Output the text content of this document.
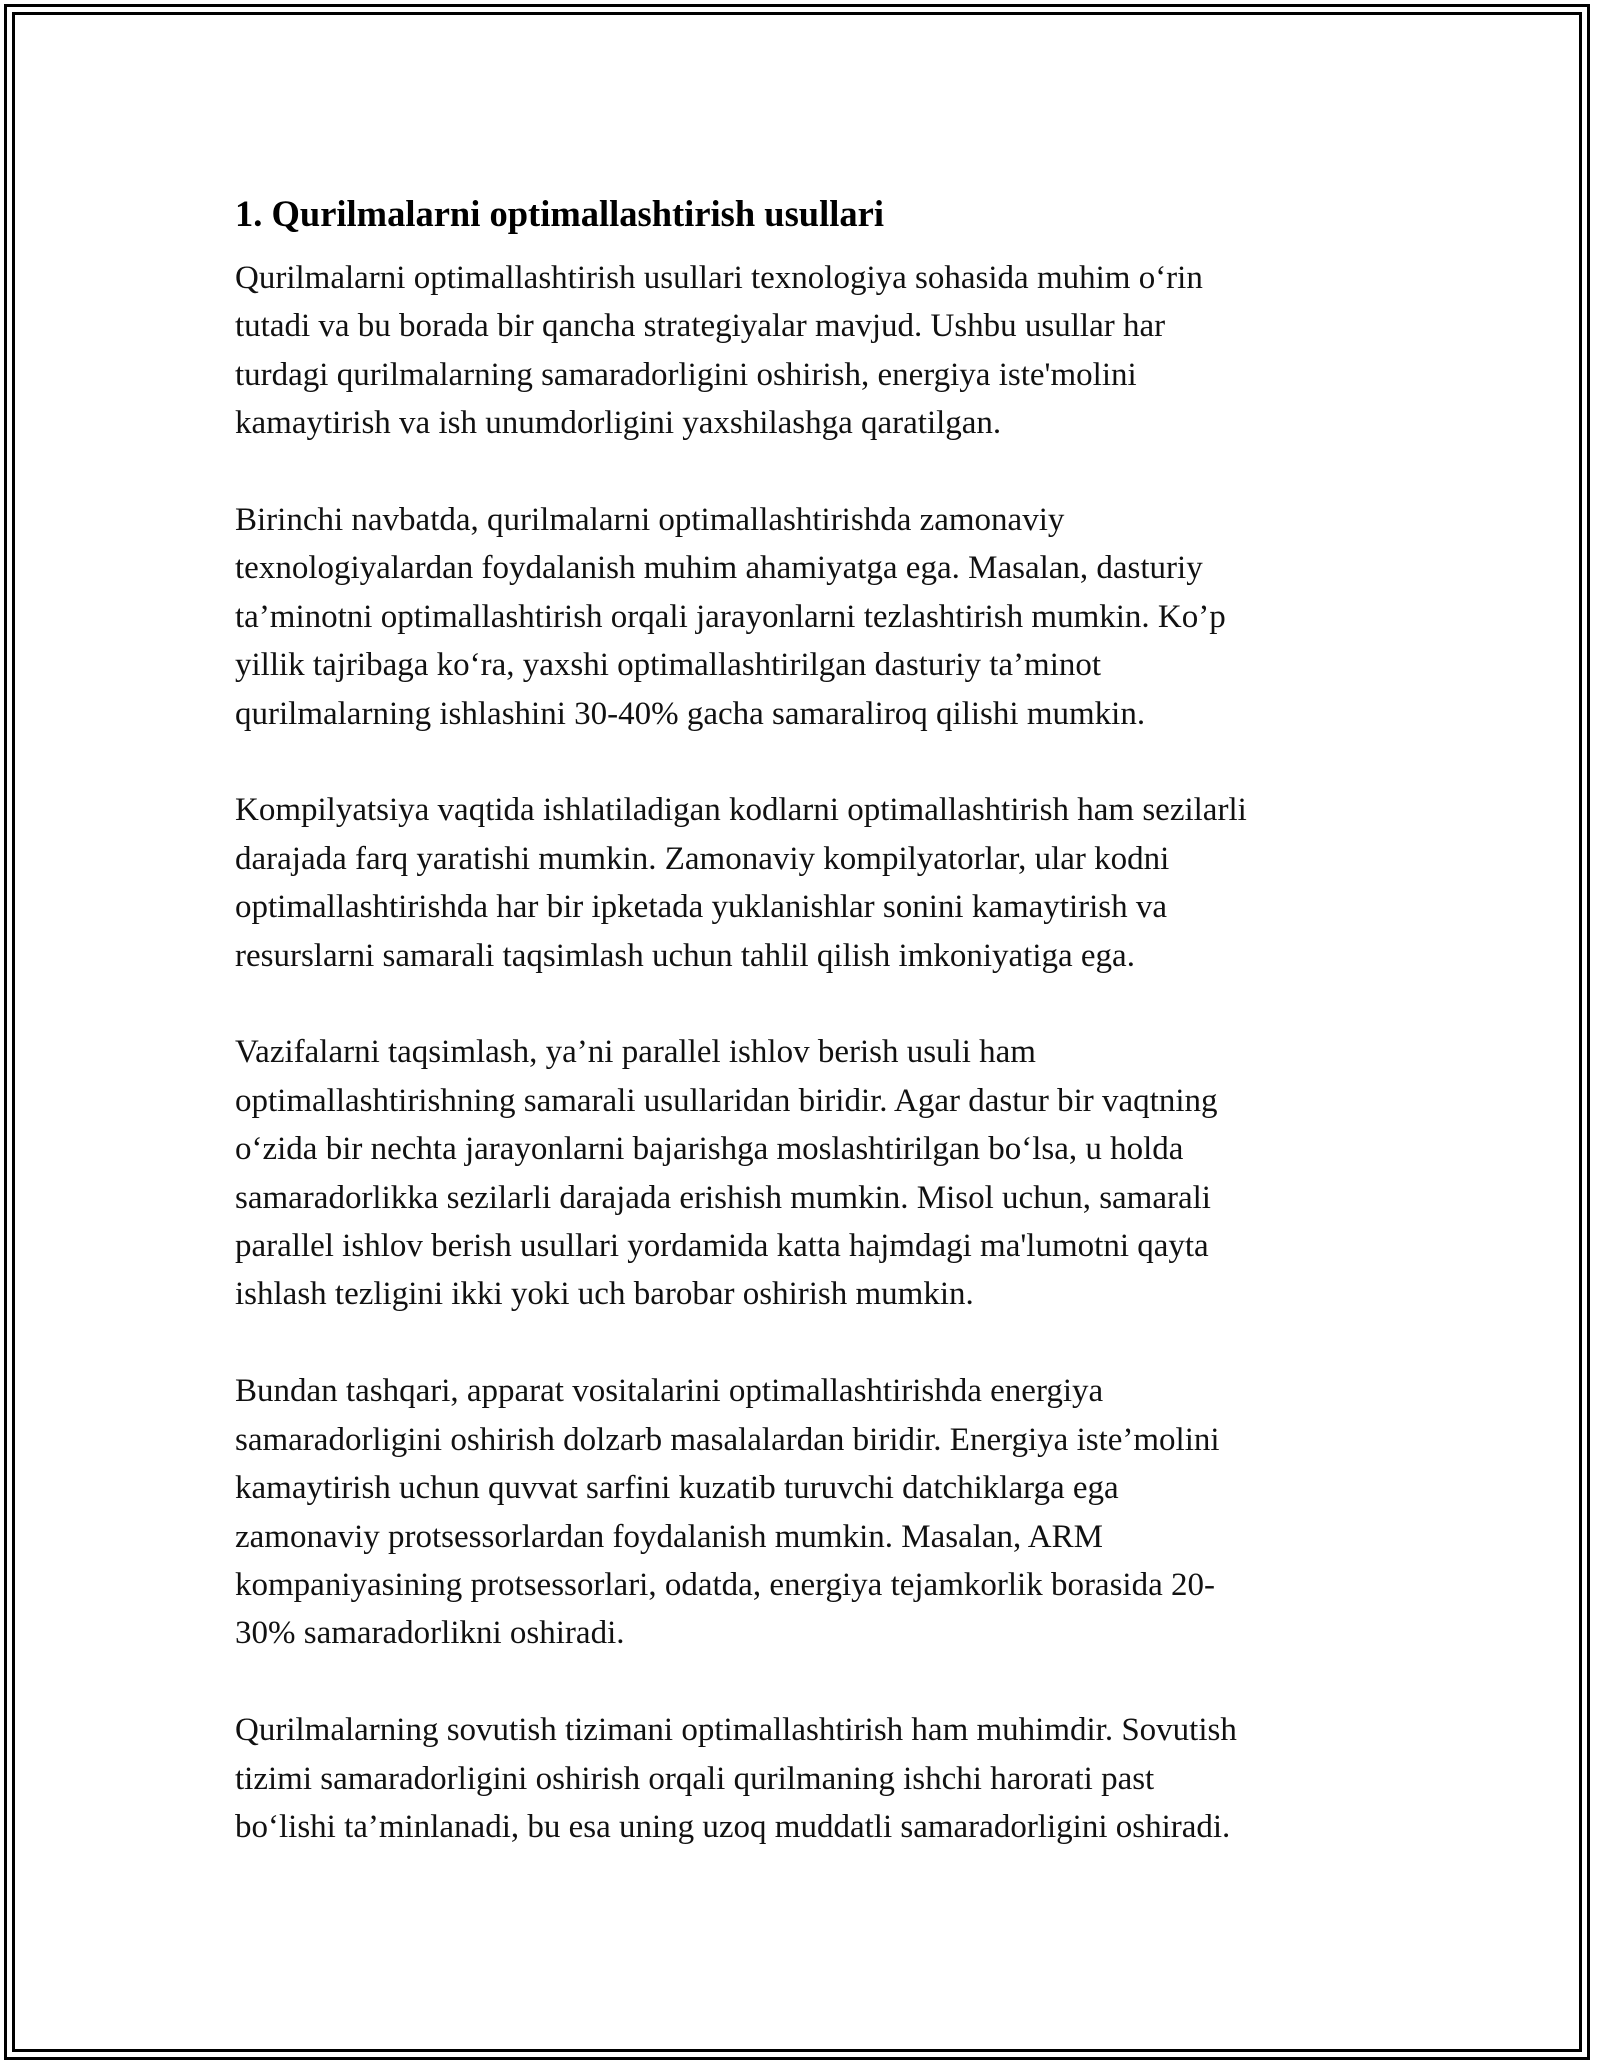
1. Qurilmalarni optimallashtirish usullari

Qurilmalarni optimallashtirish usullari texnologiya sohasida muhim o‘rin
tutadi va bu borada bir qancha strategiyalar mavjud. Ushbu usullar har
turdagi qurilmalarning samaradorligini oshirish, energiya iste'molini
kamaytirish va ish unumdorligini yaxshilashga qaratilgan.

Birinchi navbatda, qurilmalarni optimallashtirishda zamonaviy
texnologiyalardan foydalanish muhim ahamiyatga ega. Masalan, dasturiy
ta’minotni optimallashtirish orqali jarayonlarni tezlashtirish mumkin. Ko’p
yillik tajribaga ko‘ra, yaxshi optimallashtirilgan dasturiy ta’minot
qurilmalarning ishlashini 30-40% gacha samaraliroq qilishi mumkin.

Kompilyatsiya vaqtida ishlatiladigan kodlarni optimallashtirish ham sezilarli
darajada farq yaratishi mumkin. Zamonaviy kompilyatorlar, ular kodni
optimallashtirishda har bir ipketada yuklanishlar sonini kamaytirish va
resurslarni samarali taqsimlash uchun tahlil qilish imkoniyatiga ega.

Vazifalarni taqsimlash, ya’ni parallel ishlov berish usuli ham
optimallashtirishning samarali usullaridan biridir. Agar dastur bir vaqtning
o‘zida bir nechta jarayonlarni bajarishga moslashtirilgan bo‘lsa, u holda
samaradorlikka sezilarli darajada erishish mumkin. Misol uchun, samarali
parallel ishlov berish usullari yordamida katta hajmdagi ma'lumotni qayta
ishlash tezligini ikki yoki uch barobar oshirish mumkin.

Bundan tashqari, apparat vositalarini optimallashtirishda energiya
samaradorligini oshirish dolzarb masalalardan biridir. Energiya iste’molini
kamaytirish uchun quvvat sarfini kuzatib turuvchi datchiklarga ega
zamonaviy protsessorlardan foydalanish mumkin. Masalan, ARM
kompaniyasining protsessorlari, odatda, energiya tejamkorlik borasida 20-
30% samaradorlikni oshiradi.

Qurilmalarning sovutish tizimani optimallashtirish ham muhimdir. Sovutish
tizimi samaradorligini oshirish orqali qurilmaning ishchi harorati past
bo‘lishi ta’minlanadi, bu esa uning uzoq muddatli samaradorligini oshiradi.
